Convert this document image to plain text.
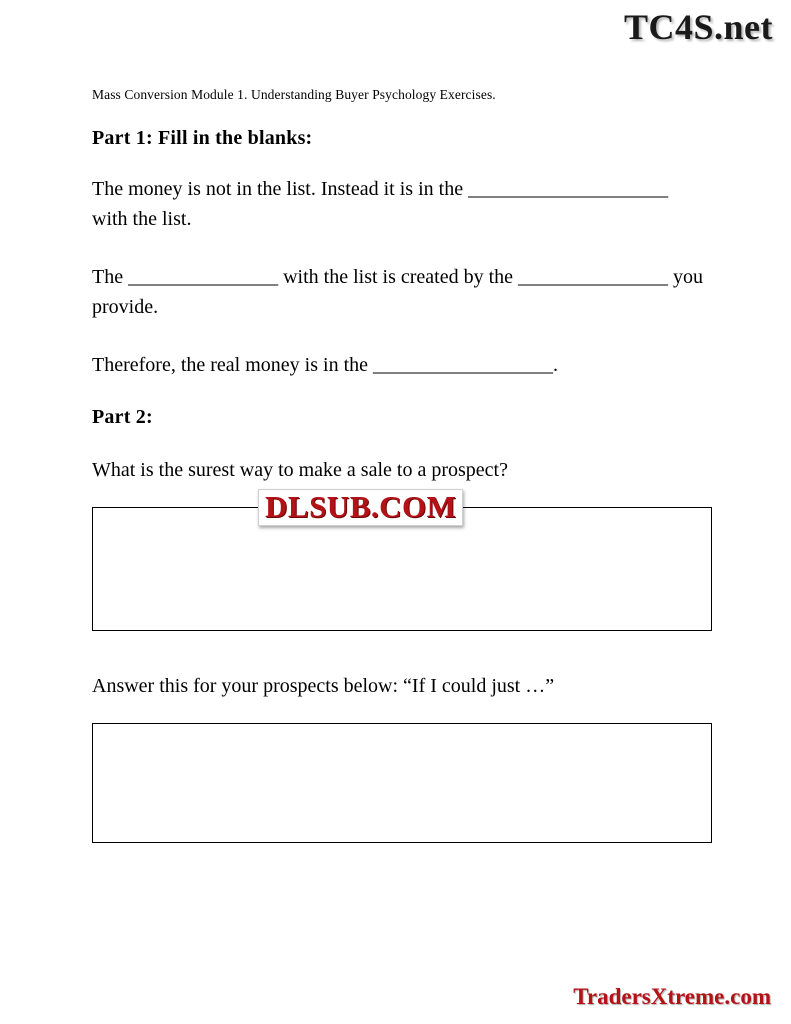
TC4S.net

Mass Conversion Module 1. Understanding Buyer Psychology Exercises.

Part 1: Fill in the blanks:

The money is not in the list. Instead it is in the ____________________ with the list.

The _______________ with the list is created by the _______________ you provide.

Therefore, the real money is in the __________________.

Part 2:

What is the surest way to make a sale to a prospect?

Answer this for your prospects below: “If I could just …”

DLSUB.COM
TradersXtreme.com
